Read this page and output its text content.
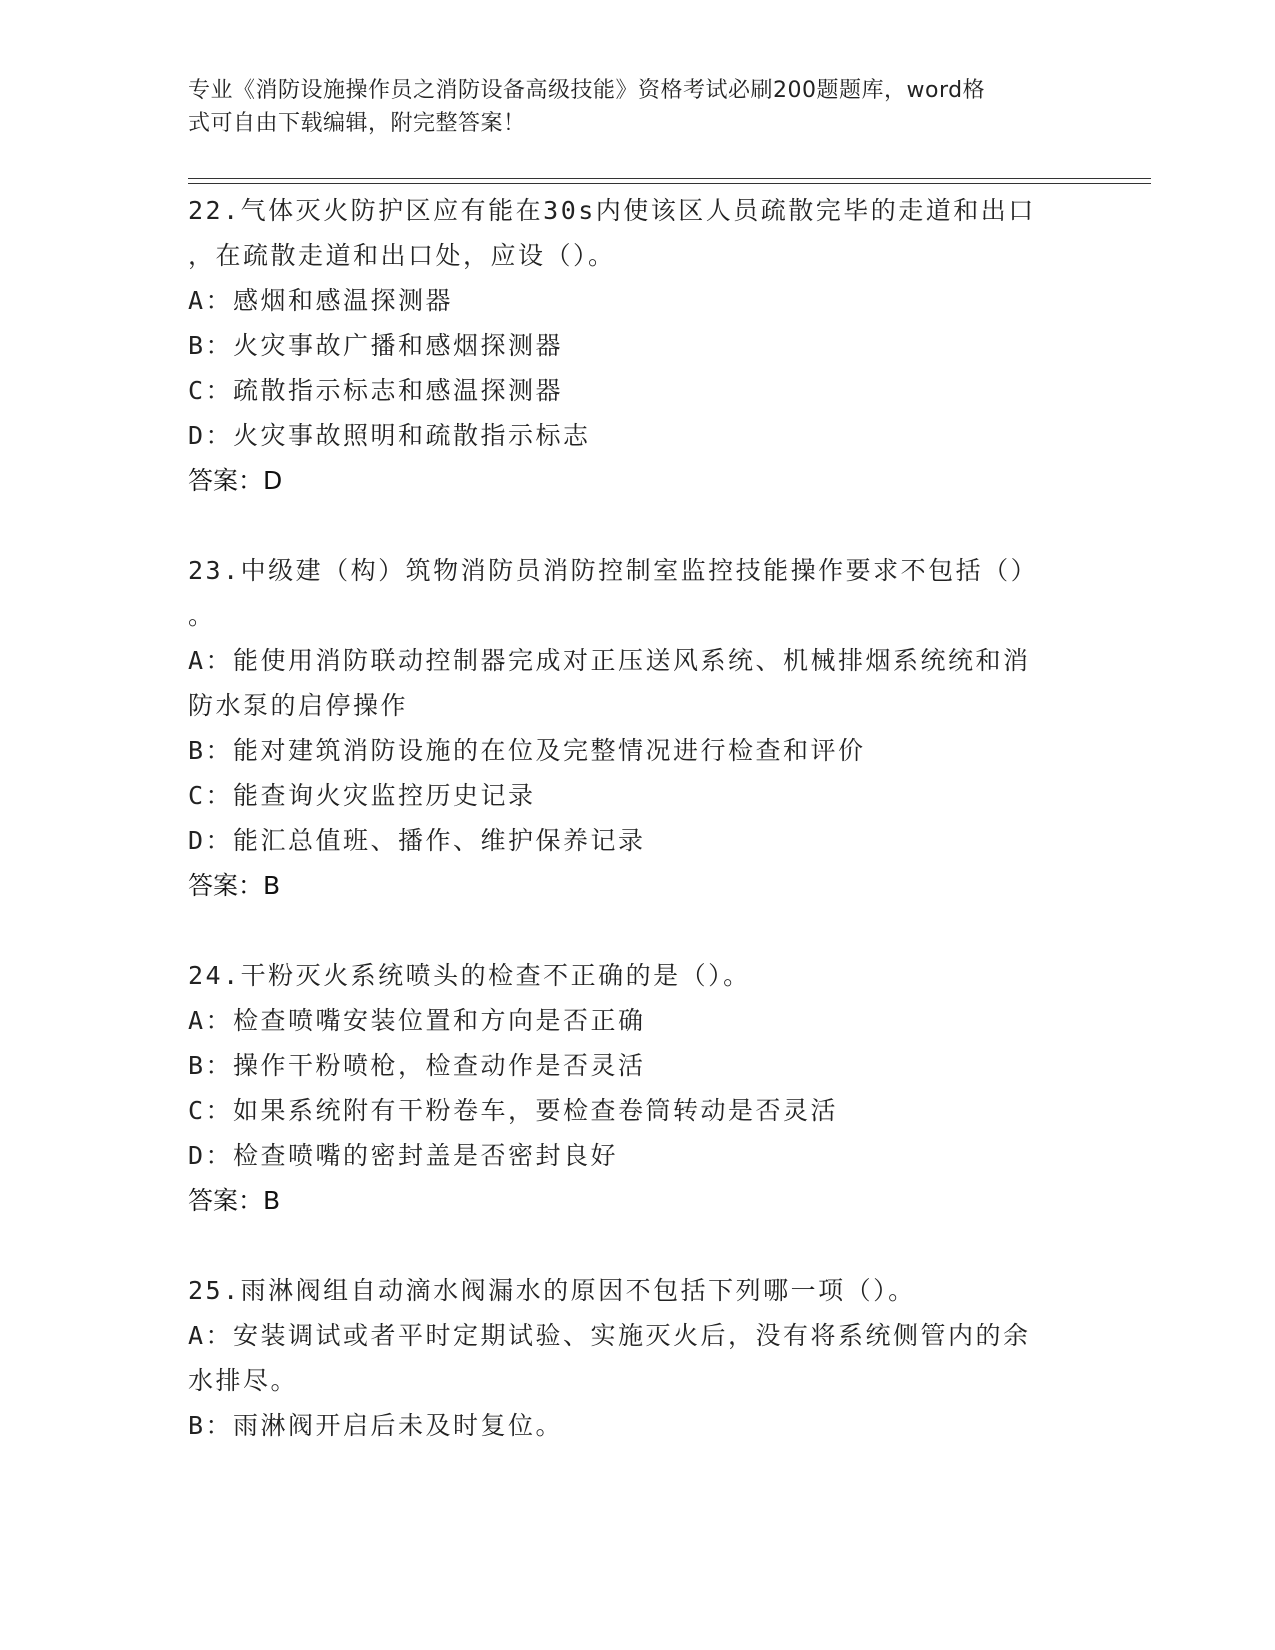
专业《消防设施操作员之消防设备高级技能》资格考试必刷200题题库，word格
式可自由下载编辑，附完整答案！
22.气体灭火防护区应有能在30s内使该区人员疏散完毕的走道和出口
，在疏散走道和出口处，应设（）。
A：感烟和感温探测器
B：火灾事故广播和感烟探测器
C：疏散指示标志和感温探测器
D：火灾事故照明和疏散指示标志
答案：D
23.中级建（构）筑物消防员消防控制室监控技能操作要求不包括（）
。
A：能使用消防联动控制器完成对正压送风系统、机械排烟系统统和消
防水泵的启停操作
B：能对建筑消防设施的在位及完整情况进行检查和评价
C：能查询火灾监控历史记录
D：能汇总值班、播作、维护保养记录
答案：B
24.干粉灭火系统喷头的检查不正确的是（）。
A：检查喷嘴安装位置和方向是否正确
B：操作干粉喷枪，检查动作是否灵活
C：如果系统附有干粉卷车，要检查卷筒转动是否灵活
D：检查喷嘴的密封盖是否密封良好
答案：B
25.雨淋阀组自动滴水阀漏水的原因不包括下列哪一项（）。
A：安装调试或者平时定期试验、实施灭火后，没有将系统侧管内的余
水排尽。
B：雨淋阀开启后未及时复位。
